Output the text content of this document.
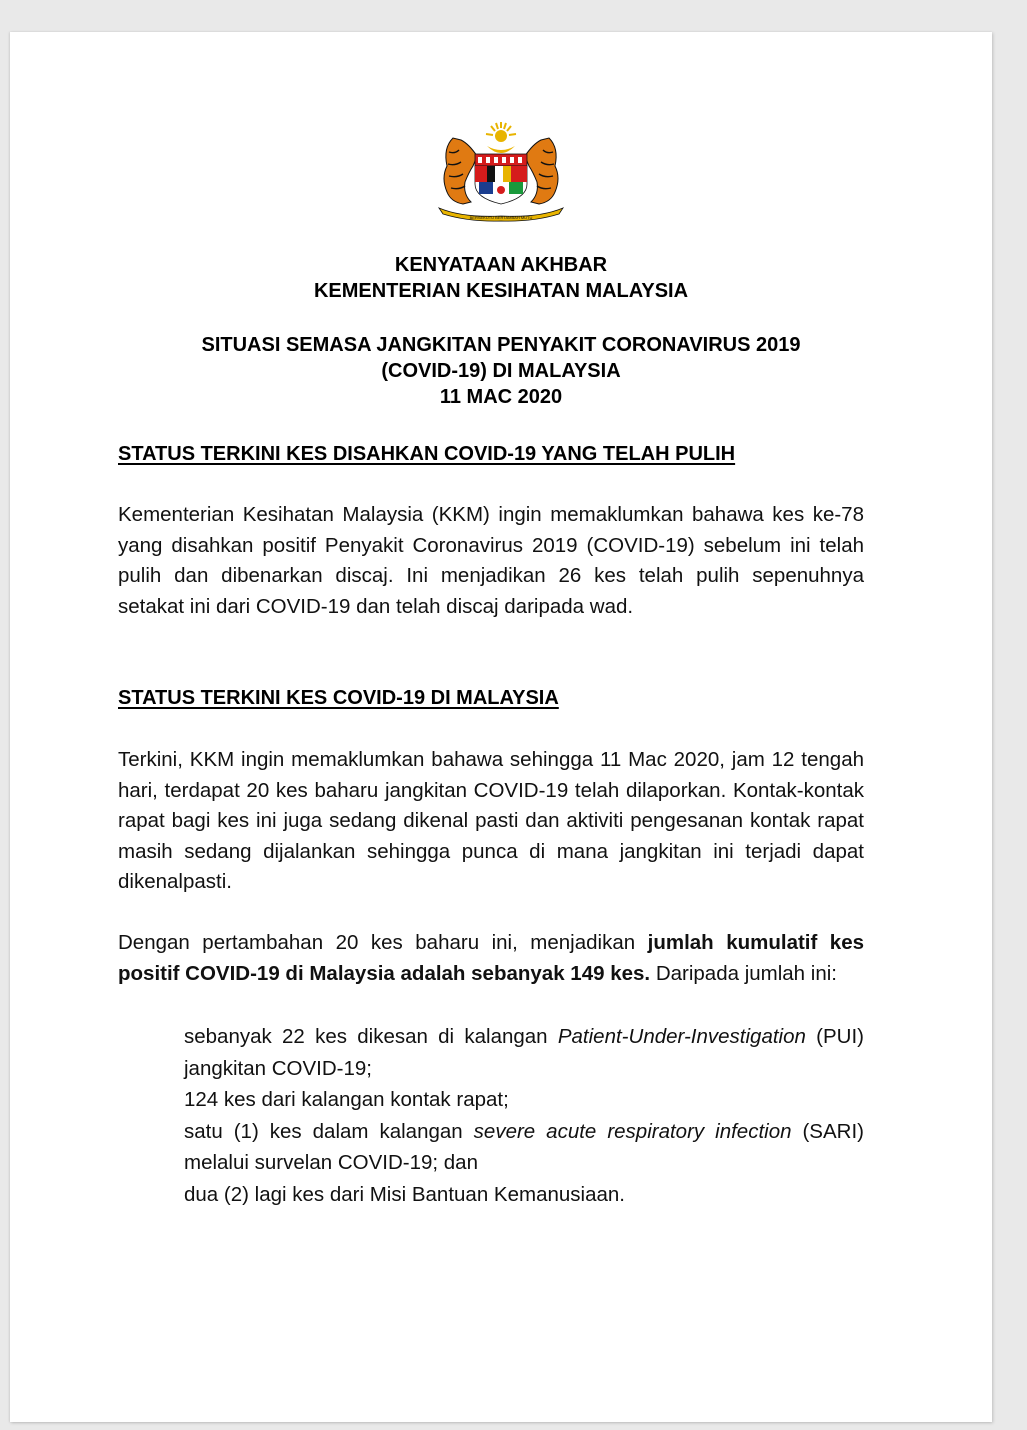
BERSEKUTU BERTAMBAH MUTU
KENYATAAN AKHBAR
KEMENTERIAN KESIHATAN MALAYSIA
SITUASI SEMASA JANGKITAN PENYAKIT CORONAVIRUS 2019
(COVID-19) DI MALAYSIA
11 MAC 2020
STATUS TERKINI KES DISAHKAN COVID-19 YANG TELAH PULIH
Kementerian Kesihatan Malaysia (KKM) ingin memaklumkan bahawa kes ke-78 yang disahkan positif Penyakit Coronavirus 2019 (COVID-19) sebelum ini telah pulih dan dibenarkan discaj. Ini menjadikan 26 kes telah pulih sepenuhnya setakat ini dari COVID-19 dan telah discaj daripada wad.
STATUS TERKINI KES COVID-19 DI MALAYSIA
Terkini, KKM ingin memaklumkan bahawa sehingga 11 Mac 2020, jam 12 tengah hari, terdapat 20 kes baharu jangkitan COVID-19 telah dilaporkan. Kontak-kontak rapat bagi kes ini juga sedang dikenal pasti dan aktiviti pengesanan kontak rapat masih sedang dijalankan sehingga punca di mana jangkitan ini terjadi dapat dikenalpasti.
Dengan pertambahan 20 kes baharu ini, menjadikan jumlah kumulatif kes positif COVID-19 di Malaysia adalah sebanyak 149 kes. Daripada jumlah ini:
sebanyak 22 kes dikesan di kalangan Patient-Under-Investigation (PUI) jangkitan COVID-19;
124 kes dari kalangan kontak rapat;
satu (1) kes dalam kalangan severe acute respiratory infection (SARI) melalui survelan COVID-19; dan
dua (2) lagi kes dari Misi Bantuan Kemanusiaan.
